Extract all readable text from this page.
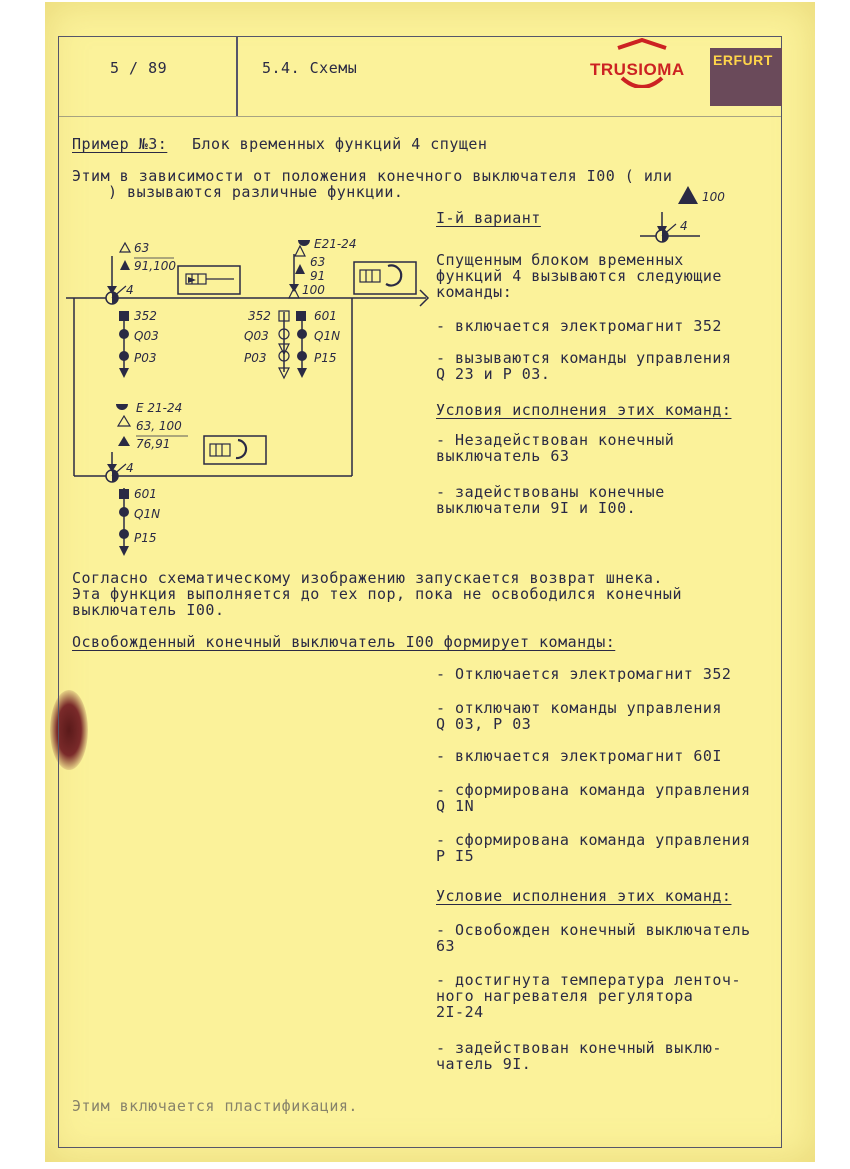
5 / 89	5.4. Схемы	TRUSIOMA ERFURT
Пример №3: Блок временных функций 4 спущен
Этим в зависимости от положения конечного выключателя I00 ( или
) вызываются различные функции.	100
4
I-й вариант
Спущенным блоком временных
функций 4 вызываются следующие
команды:
- включается электромагнит 352
- вызываются команды управления
Q 23 и P 03.
Условия исполнения этих команд:
- Незадействован конечный
выключатель 63
- задействованы конечные
выключатели 9I и I00.
63
91,100
352
Q03
P03
E21-24
63
91
100
352	601
Q03	Q1N
P03	P15
E 21-24
63, 100
76,91
601
Q1N
P15
4
4
Согласно схематическому изображению запускается возврат шнека.
Эта функция выполняется до тех пор, пока не освободился конечный
выключатель I00.
Освобожденный конечный выключатель I00 формирует команды:
- Отключается электромагнит 352
- отключают команды управления
Q 03, P 03
- включается электромагнит 60I
- сформирована команда управления
Q 1N
- сформирована команда управления
P I5
Условие исполнения этих команд:
- Освобожден конечный выключатель
63
- достигнута температура ленточ-
ного нагревателя регулятора
2I-24
- задействован конечный выклю-
чатель 9I.
Этим включается пластификация.
